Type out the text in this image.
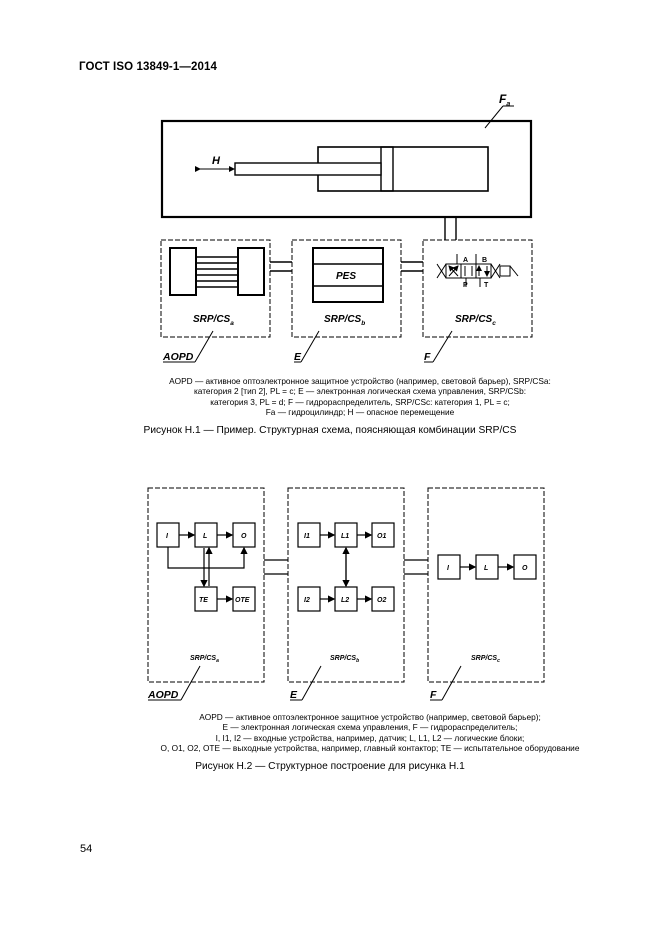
ГОСТ ISO 13849-1—2014
$F_a$
H
SRP/$CS_a$
PES
SRP/$CS_b$
A B
P T
SRP/$CS_c$
AOPD	E	F
I	L	O
TE	OTE
SRP/$CS_a$
I1	L1	O1
I2	L2	O2
SRP/$CS_b$
I	L	O
SRP/$CS_c$
AOPD	E	F
AOPD — активное оптоэлектронное защитное устройство (например, световой барьер), SRP/CSa:
категория 2 [тип 2], PL = c; E — электронная логическая схема управления, SRP/CSb:
категория 3, PL = d; F — гидрораспределитель, SRP/CSc: категория 1, PL = c;
Fa — гидроцилиндр; H — опасное перемещение
Рисунок Н.1 — Пример. Структурная схема, поясняющая комбинации SRP/CS
AOPD — активное оптоэлектронное защитное устройство (например, световой барьер);
E — электронная логическая схема управления, F — гидрораспределитель;
I, I1, I2 — входные устройства, например, датчик; L, L1, L2 — логические блоки;
O, O1, O2, OTE — выходные устройства, например, главный контактор; TE — испытательное оборудование
Рисунок Н.2 — Структурное построение для рисунка Н.1
54
